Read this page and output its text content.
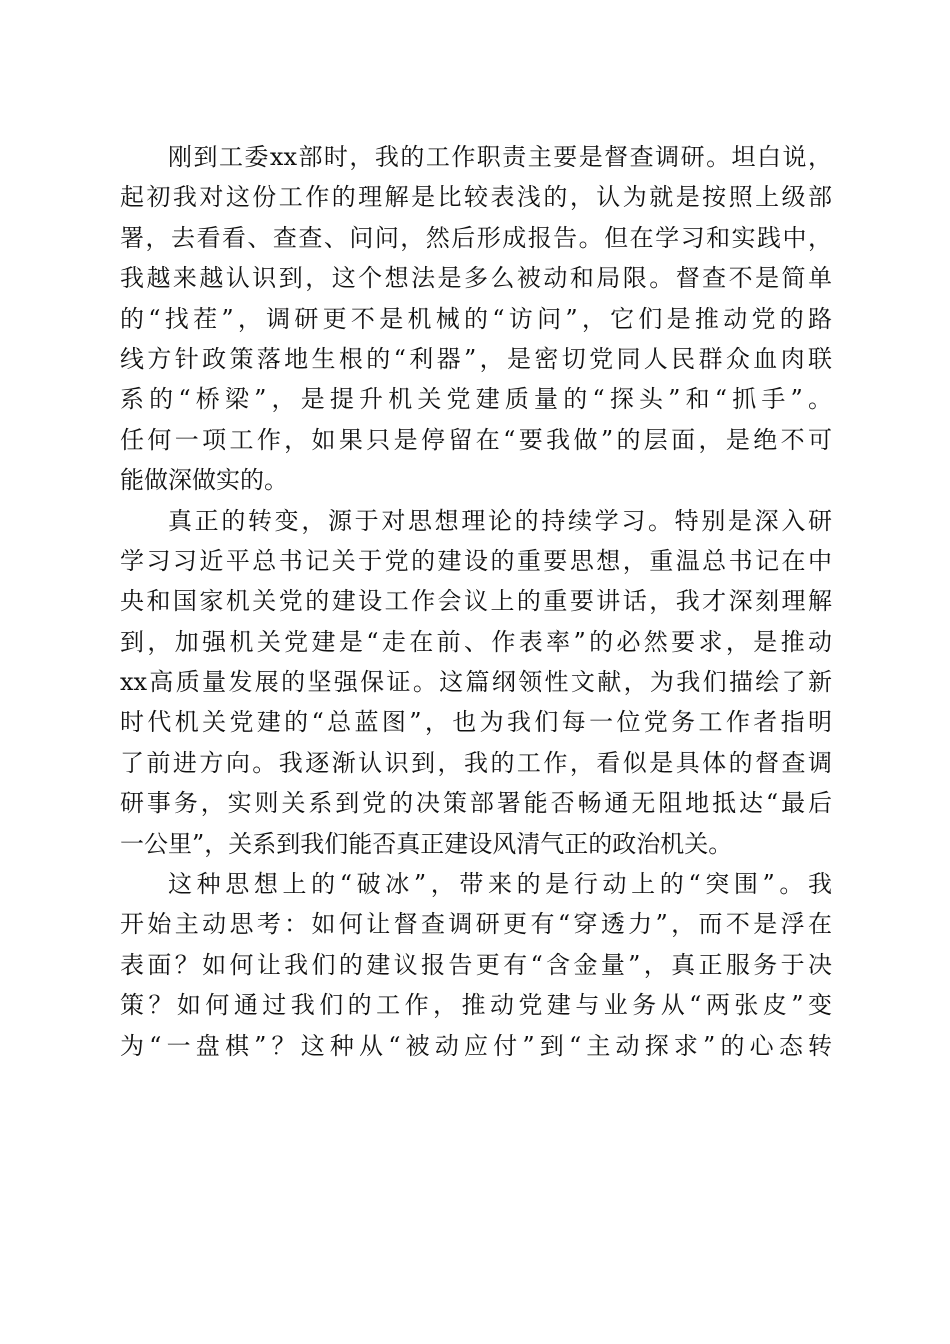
刚到工委xx部时，我的工作职责主要是督查调研。坦白说，
起初我对这份工作的理解是比较表浅的，认为就是按照上级部
署，去看看、查查、问问，然后形成报告。但在学习和实践中，
我越来越认识到，这个想法是多么被动和局限。督查不是简单
的“找茬”，调研更不是机械的“访问”，它们是推动党的路
线方针政策落地生根的“利器”，是密切党同人民群众血肉联
系的“桥梁”，是提升机关党建质量的“探头”和“抓手”。
任何一项工作，如果只是停留在“要我做”的层面，是绝不可
能做深做实的。
真正的转变，源于对思想理论的持续学习。特别是深入研
学习习近平总书记关于党的建设的重要思想，重温总书记在中
央和国家机关党的建设工作会议上的重要讲话，我才深刻理解
到，加强机关党建是“走在前、作表率”的必然要求，是推动
xx高质量发展的坚强保证。这篇纲领性文献，为我们描绘了新
时代机关党建的“总蓝图”，也为我们每一位党务工作者指明
了前进方向。我逐渐认识到，我的工作，看似是具体的督查调
研事务，实则关系到党的决策部署能否畅通无阻地抵达“最后
一公里”，关系到我们能否真正建设风清气正的政治机关。
这种思想上的“破冰”，带来的是行动上的“突围”。我
开始主动思考：如何让督查调研更有“穿透力”，而不是浮在
表面？如何让我们的建议报告更有“含金量”，真正服务于决
策？如何通过我们的工作，推动党建与业务从“两张皮”变
为“一盘棋”？这种从“被动应付”到“主动探求”的心态转
